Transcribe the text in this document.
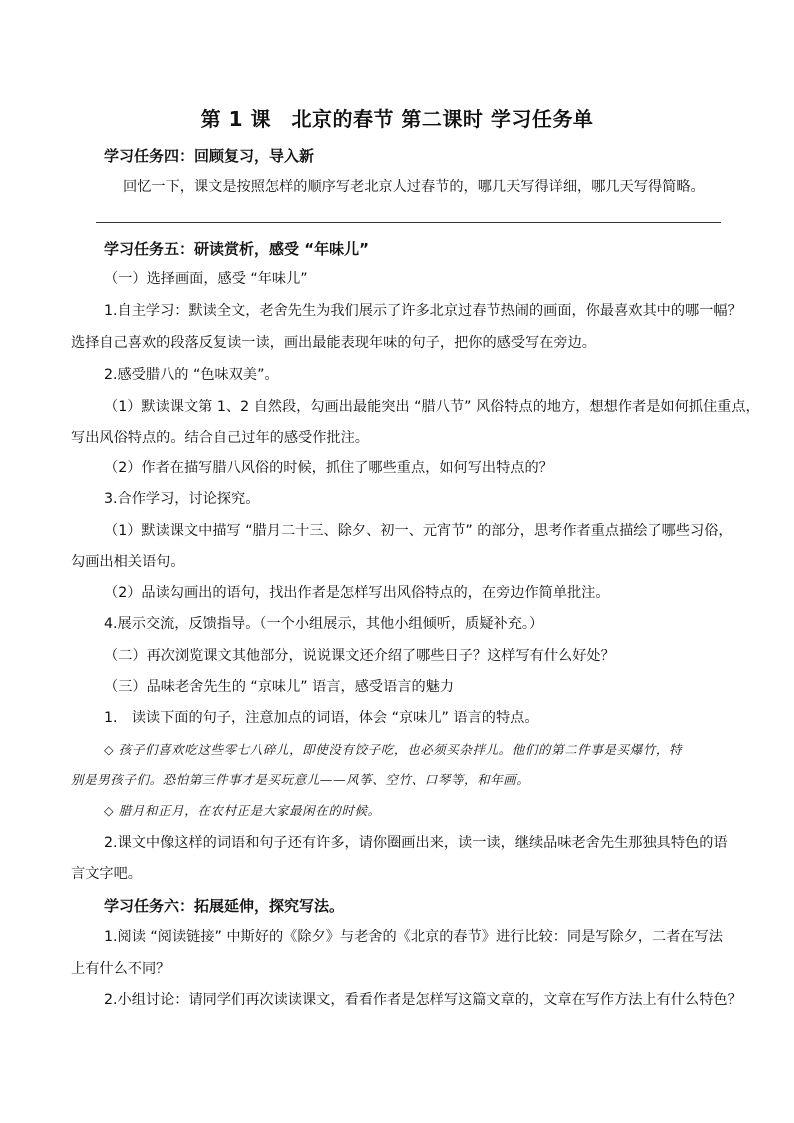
第 1 课　北京的春节 第二课时 学习任务单
学习任务四：回顾复习，导入新
回忆一下，课文是按照怎样的顺序写老北京人过春节的，哪几天写得详细，哪几天写得简略。
学习任务五：研读赏析，感受 “年味儿”
（一）选择画面，感受 “年味儿”
1.自主学习：默读全文，老舍先生为我们展示了许多北京过春节热闹的画面，你最喜欢其中的哪一幅？
选择自己喜欢的段落反复读一读，画出最能表现年味的句子，把你的感受写在旁边。
2.感受腊八的 “色味双美”。
（1）默读课文第 1、2 自然段，勾画出最能突出 “腊八节” 风俗特点的地方，想想作者是如何抓住重点，
写出风俗特点的。结合自己过年的感受作批注。
（2）作者在描写腊八风俗的时候，抓住了哪些重点，如何写出特点的？
3.合作学习，讨论探究。
（1）默读课文中描写 “腊月二十三、除夕、初一、元宵节” 的部分，思考作者重点描绘了哪些习俗，
勾画出相关语句。
（2）品读勾画出的语句，找出作者是怎样写出风俗特点的，在旁边作简单批注。
4.展示交流，反馈指导。（一个小组展示，其他小组倾听，质疑补充。）
（二）再次浏览课文其他部分，说说课文还介绍了哪些日子？这样写有什么好处？
（三）品味老舍先生的 “京味儿” 语言，感受语言的魅力
1.　读读下面的句子，注意加点的词语，体会 “京味儿” 语言的特点。
◇ 孩子们喜欢吃这些零七八碎儿，即使没有饺子吃，也必须买杂拌儿。他们的第二件事是买爆竹，特
别是男孩子们。恐怕第三件事才是买玩意儿——风筝、空竹、口琴等，和年画。
◇ 腊月和正月，在农村正是大家最闲在的时候。
2.课文中像这样的词语和句子还有许多，请你圈画出来，读一读，继续品味老舍先生那独具特色的语
言文字吧。
学习任务六：拓展延伸，探究写法。
1.阅读 “阅读链接” 中斯好的《除夕》与老舍的《北京的春节》进行比较：同是写除夕，二者在写法
上有什么不同？
2.小组讨论：请同学们再次读读课文，看看作者是怎样写这篇文章的，文章在写作方法上有什么特色？
